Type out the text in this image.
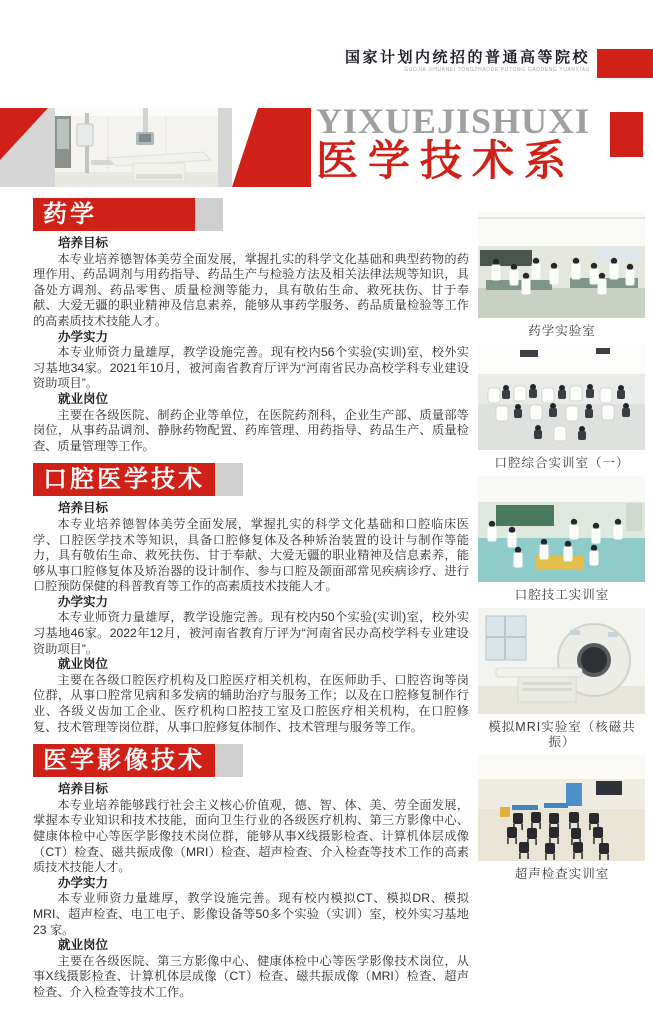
国家计划内统招的普通高等院校
GUOJIA JIHUANEI TONGZHAODE PUTONG GAODENG YUANXIAO
YIXUEJISHUXI
医学技术系
药学
培养目标

本专业培养德智体美劳全面发展，掌握扎实的科学文化基础和典型药物的药理作用、药品调剂与用药指导、药品生产与检验方法及相关法律法规等知识，具备处方调剂、药品零售、质量检测等能力，具有敬佑生命、救死扶伤、甘于奉献、大爱无疆的职业精神及信息素养，能够从事药学服务、药品质量检验等工作的高素质技术技能人才。

办学实力

本专业师资力量雄厚，教学设施完善。现有校内56个实验(实训)室，校外实习基地34家。2021年10月，被河南省教育厅评为“河南省民办高校学科专业建设资助项目”。

就业岗位

主要在各级医院、制药企业等单位，在医院药剂科，企业生产部、质量部等岗位，从事药品调剂、静脉药物配置、药库管理、用药指导、药品生产、质量检查、质量管理等工作。

口腔医学技术
培养目标

本专业培养德智体美劳全面发展，掌握扎实的科学文化基础和口腔临床医学、口腔医学技术等知识，具备口腔修复体及各种矫治装置的设计与制作等能力，具有敬佑生命、救死扶伤、甘于奉献、大爱无疆的职业精神及信息素养，能够从事口腔修复体及矫治器的设计制作、参与口腔及颌面部常见疾病诊疗、进行口腔预防保健的科普教育等工作的高素质技术技能人才。

办学实力

本专业师资力量雄厚，教学设施完善。现有校内50个实验(实训)室，校外实习基地46家。2022年12月，被河南省教育厅评为“河南省民办高校学科专业建设资助项目”。

就业岗位

主要在各级口腔医疗机构及口腔医疗相关机构，在医师助手、口腔咨询等岗位群，从事口腔常见病和多发病的辅助治疗与服务工作；以及在口腔修复制作行业、各级义齿加工企业、医疗机构口腔技工室及口腔医疗相关机构，在口腔修复、技术管理等岗位群，从事口腔修复体制作、技术管理与服务等工作。

医学影像技术
培养目标

本专业培养能够践行社会主义核心价值观，德、智、体、美、劳全面发展，掌握本专业知识和技术技能，面向卫生行业的各级医疗机构、第三方影像中心、健康体检中心等医学影像技术岗位群，能够从事X线摄影检查、计算机体层成像（CT）检查、磁共振成像（MRI）检查、超声检查、介入检查等技术工作的高素质技术技能人才。

办学实力

本专业师资力量雄厚，教学设施完善。现有校内模拟CT、模拟DR、模拟MRI、超声检查、电工电子、影像设备等50多个实验（实训）室，校外实习基地23 家。

就业岗位

主要在各级医院、第三方影像中心、健康体检中心等医学影像技术岗位，从事X线摄影检查、计算机体层成像（CT）检查、磁共振成像（MRI）检查、超声检查、介入检查等技术工作。

药学实验室
口腔综合实训室（一）
口腔技工实训室
模拟MRI实验室（核磁共振）
超声检查实训室
